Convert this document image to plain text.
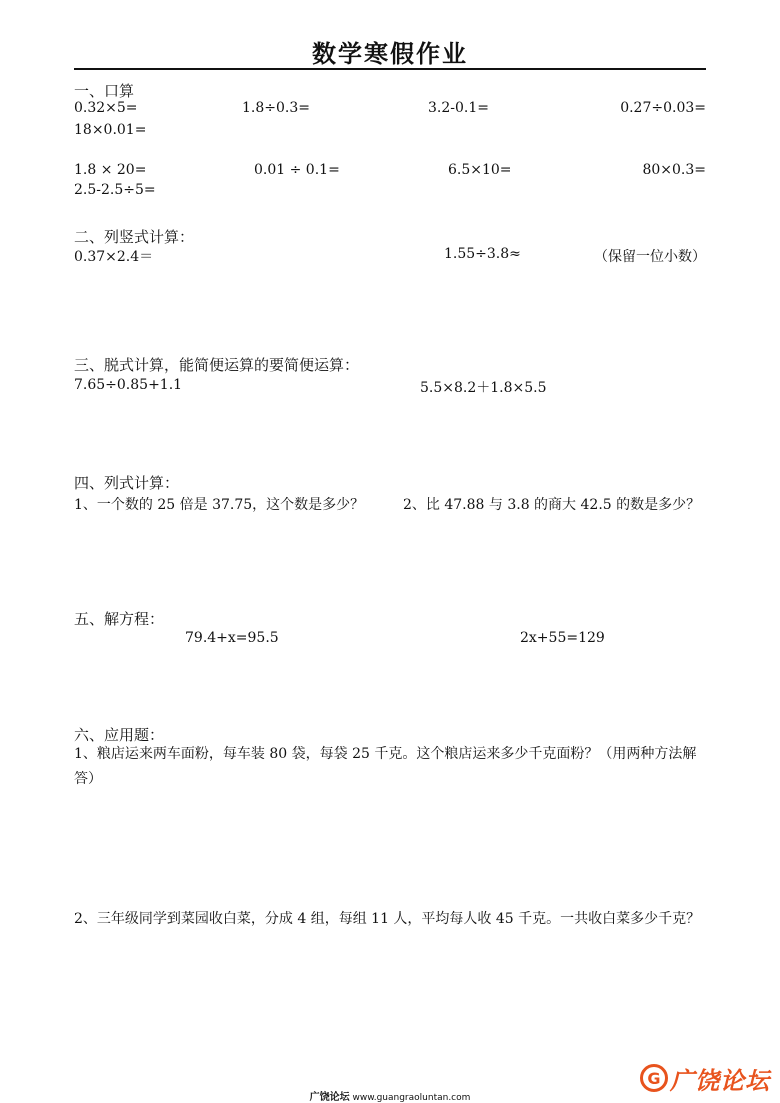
数学寒假作业
一、口算
0.32×5=	1.8÷0.3=	3.2-0.1=	0.27÷0.03=
18×0.01=
1.8 × 20=	0.01 ÷ 0.1=	6.5×10=	80×0.3=
2.5-2.5÷5=
二、列竖式计算：
0.37×2.4＝	1.55÷3.8≈	（保留一位小数）
三、脱式计算，能简便运算的要简便运算：
7.65÷0.85+1.1	5.5×8.2＋1.8×5.5
四、列式计算：
1、一个数的 25 倍是 37.75，这个数是多少？	2、比 47.88 与 3.8 的商大 42.5 的数是多少？
五、解方程：
79.4+x=95.5	2x+55=129
六、应用题：
1、粮店运来两车面粉，每车装 80 袋，每袋 25 千克。这个粮店运来多少千克面粉？（用两种方法解答）
2、三年级同学到菜园收白菜，分成 4 组，每组 11 人，平均每人收 45 千克。一共收白菜多少千克？
广饶论坛 www.guangraoluntan.com
G 广饶论坛
